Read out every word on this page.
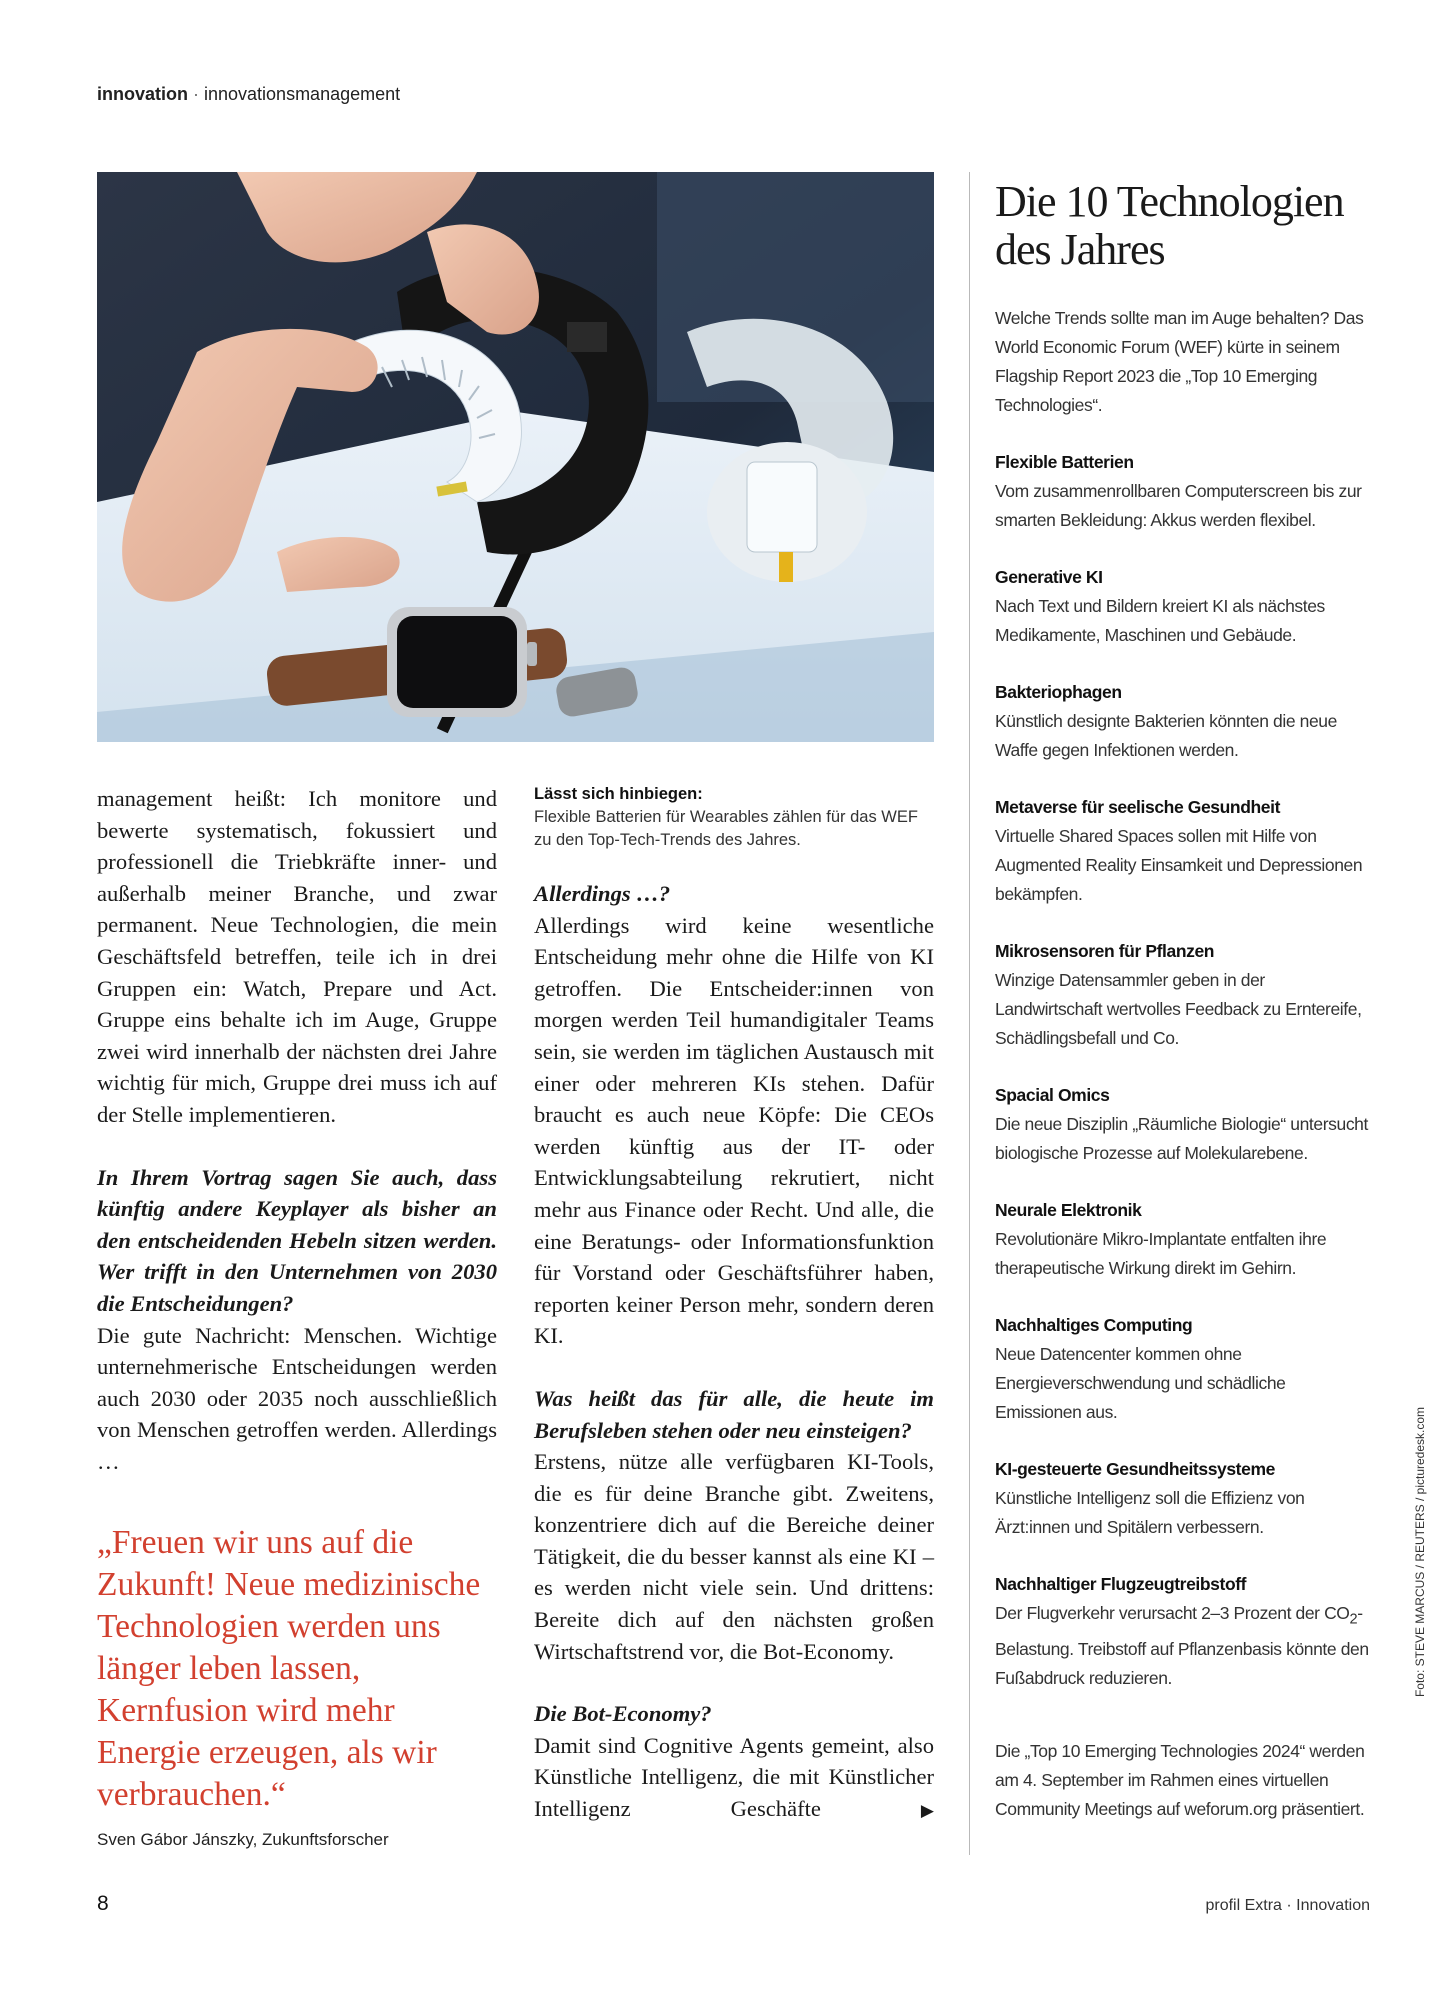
innovation · innovationsmanagement

management heißt: Ich monitore und bewerte systematisch, fokussiert und professionell die Triebkräfte inner- und außerhalb meiner Branche, und zwar permanent. Neue Technologien, die mein Geschäftsfeld betreffen, teile ich in drei Gruppen ein: Watch, Prepare und Act. Gruppe eins behalte ich im Auge, Gruppe zwei wird innerhalb der nächsten drei Jahre wichtig für mich, Gruppe drei muss ich auf der Stelle implementieren.

In Ihrem Vortrag sagen Sie auch, dass künftig andere Keyplayer als bisher an den entscheidenden Hebeln sitzen werden. Wer trifft in den Unternehmen von 2030 die Entscheidungen?

Die gute Nachricht: Menschen. Wichtige unternehmerische Entscheidungen werden auch 2030 oder 2035 noch ausschließlich von Menschen getroffen werden. Allerdings …

„Freuen wir uns auf die Zukunft! Neue medizinische Technologien werden uns länger leben lassen, Kernfusion wird mehr Energie erzeugen, als wir verbrauchen.“
Sven Gábor Jánszky, Zukunftsforscher
Lässt sich hinbiegen:
Flexible Batterien für Wearables zählen für das WEF zu den Top-Tech-Trends des Jahres.

Allerdings …?

Allerdings wird keine wesentliche Entscheidung mehr ohne die Hilfe von KI getroffen. Die Entscheider:innen von morgen werden Teil humandigitaler Teams sein, sie werden im täglichen Austausch mit einer oder mehreren KIs stehen. Dafür braucht es auch neue Köpfe: Die CEOs werden künftig aus der IT- oder Entwicklungsabteilung rekrutiert, nicht mehr aus Finance oder Recht. Und alle, die eine Beratungs- oder Informationsfunktion für Vorstand oder Geschäftsführer haben, reporten keiner Person mehr, sondern deren KI.

Was heißt das für alle, die heute im Berufsleben stehen oder neu einsteigen?

Erstens, nütze alle verfügbaren KI-Tools, die es für deine Branche gibt. Zweitens, konzentriere dich auf die Bereiche deiner Tätigkeit, die du besser kannst als eine KI – es werden nicht viele sein. Und drittens: Bereite dich auf den nächsten großen Wirtschaftstrend vor, die Bot-Economy.

Die Bot-Economy?

Damit sind Cognitive Agents gemeint, also Künstliche Intelligenz, die mit Künstlicher Intelligenz Geschäfte	▶

Die 10 Technologien des Jahres

Welche Trends sollte man im Auge behalten? Das World Economic Forum (WEF) kürte in seinem Flagship Report 2023 die „Top 10 Emerging Technologies“.

Flexible Batterien
Vom zusammenrollbaren Computerscreen bis zur smarten Bekleidung: Akkus werden flexibel.
Generative KI
Nach Text und Bildern kreiert KI als nächstes Medikamente, Maschinen und Gebäude.
Bakteriophagen
Künstlich designte Bakterien könnten die neue Waffe gegen Infektionen werden.
Metaverse für seelische Gesundheit
Virtuelle Shared Spaces sollen mit Hilfe von Augmented Reality Einsamkeit und Depressionen bekämpfen.
Mikrosensoren für Pflanzen
Winzige Datensammler geben in der Landwirtschaft wertvolles Feedback zu Erntereife, Schädlingsbefall und Co.
Spacial Omics
Die neue Disziplin „Räumliche Biologie“ untersucht biologische Prozesse auf Molekularebene.
Neurale Elektronik
Revolutionäre Mikro-Implantate entfalten ihre therapeutische Wirkung direkt im Gehirn.
Nachhaltiges Computing
Neue Datencenter kommen ohne Energieverschwendung und schädliche Emissionen aus.
KI-gesteuerte Gesundheitssysteme
Künstliche Intelligenz soll die Effizienz von Ärzt:innen und Spitälern verbessern.
Nachhaltiger Flugzeugtreibstoff
Der Flugverkehr verursacht 2–3 Prozent der $CO_2$-Belastung. Treibstoff auf Pflanzenbasis könnte den Fußabdruck reduzieren.
Die „Top 10 Emerging Technologies 2024“ werden am 4. September im Rahmen eines virtuellen Community Meetings auf weforum.org präsentiert.
Foto: STEVE MARCUS / REUTERS / picturedesk.com
8	profil Extra · Innovation
